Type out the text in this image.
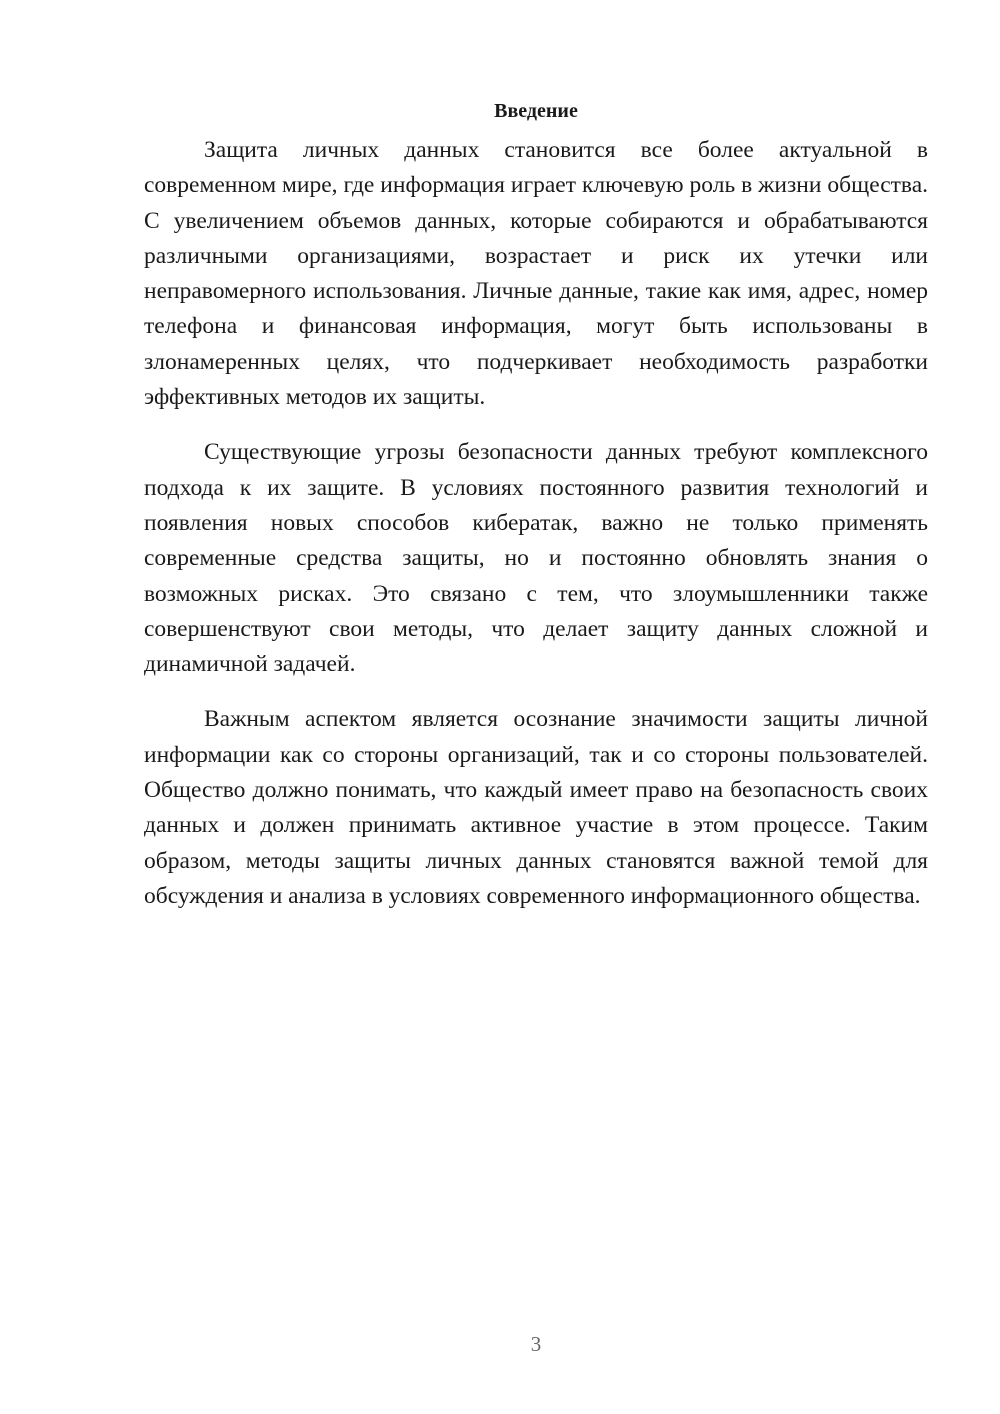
Введение

Защита личных данных становится все более актуальной в современном мире, где информация играет ключевую роль в жизни общества. С увеличением объемов данных, которые собираются и обрабатываются различными организациями, возрастает и риск их утечки или неправомерного использования. Личные данные, такие как имя, адрес, номер телефона и финансовая информация, могут быть использованы в злонамеренных целях, что подчеркивает необходимость разработки эффективных методов их защиты.

Существующие угрозы безопасности данных требуют комплексного подхода к их защите. В условиях постоянного развития технологий и появления новых способов кибератак, важно не только применять современные средства защиты, но и постоянно обновлять знания о возможных рисках. Это связано с тем, что злоумышленники также совершенствуют свои методы, что делает защиту данных сложной и динамичной задачей.

Важным аспектом является осознание значимости защиты личной информации как со стороны организаций, так и со стороны пользователей. Общество должно понимать, что каждый имеет право на безопасность своих данных и должен принимать активное участие в этом процессе. Таким образом, методы защиты личных данных становятся важной темой для обсуждения и анализа в условиях современного информационного общества.

3
